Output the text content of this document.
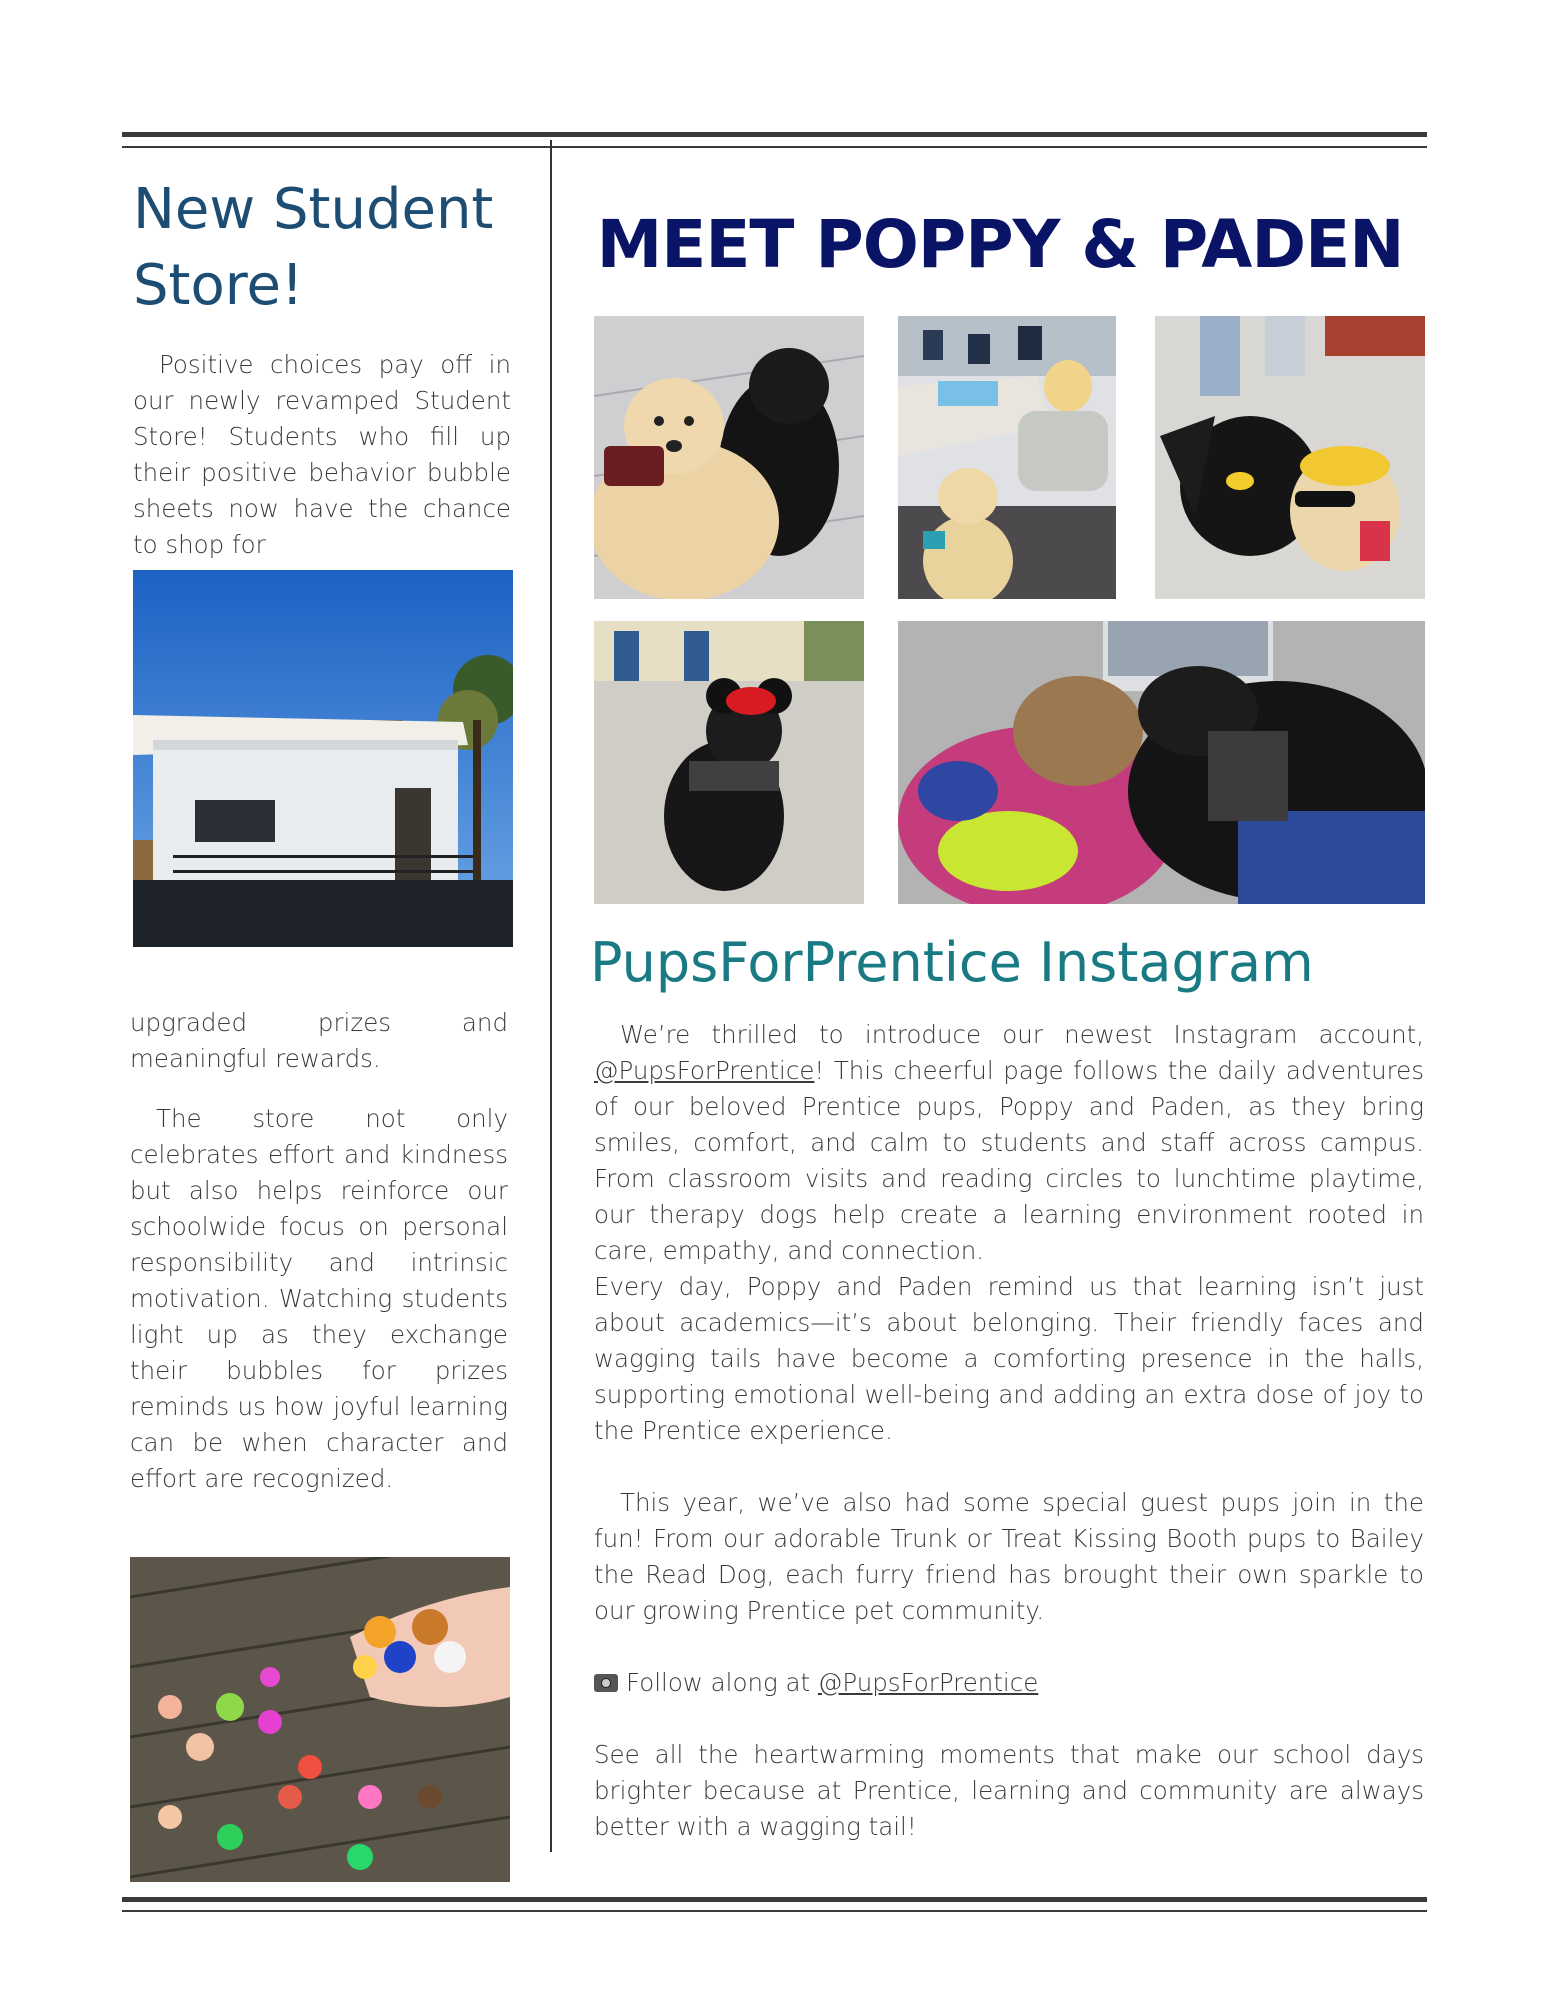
New Student Store!

Positive choices pay off in our newly revamped Student Store! Students who fill up their positive behavior bubble sheets now have the chance to shop for

upgraded prizes and meaningful rewards.

The store not only celebrates effort and kindness but also helps reinforce our schoolwide focus on personal responsibility and intrinsic motivation. Watching students light up as they exchange their bubbles for prizes reminds us how joyful learning can be when character and effort are recognized.

MEET POPPY & PADEN
PupsForPrentice Instagram

We’re thrilled to introduce our newest Instagram account, @PupsForPrentice! This cheerful page follows the daily adventures of our beloved Prentice pups, Poppy and Paden, as they bring smiles, comfort, and calm to students and staff across campus. From classroom visits and reading circles to lunchtime playtime, our therapy dogs help create a learning environment rooted in care, empathy, and connection.

Every day, Poppy and Paden remind us that learning isn’t just about academics—it’s about belonging. Their friendly faces and wagging tails have become a comforting presence in the halls, supporting emotional well-being and adding an extra dose of joy to the Prentice experience.

This year, we’ve also had some special guest pups join in the fun! From our adorable Trunk or Treat Kissing Booth pups to Bailey the Read Dog, each furry friend has brought their own sparkle to our growing Prentice pet community.

Follow along at @PupsForPrentice

See all the heartwarming moments that make our school days brighter because at Prentice, learning and community are always better with a wagging tail!
